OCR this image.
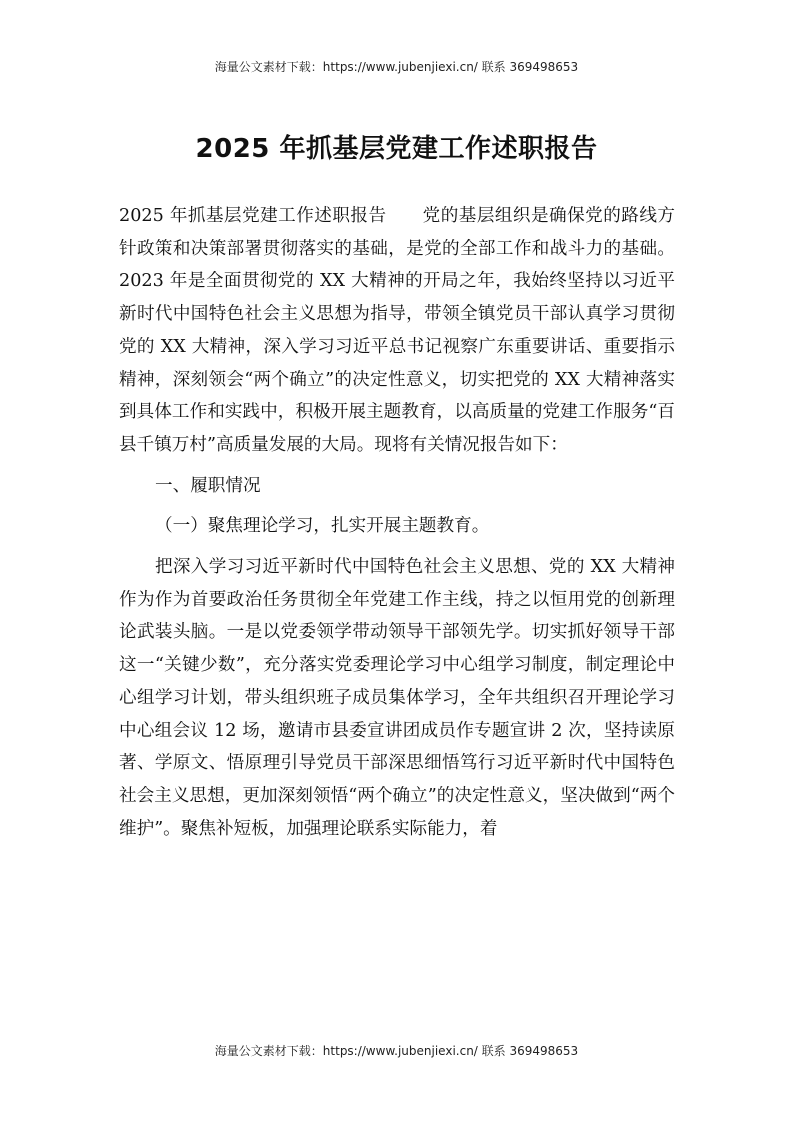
海量公文素材下载：https://www.jubenjiexi.cn/ 联系 369498653
2025 年抓基层党建工作述职报告

2025 年抓基层党建工作述职报告　　党的基层组织是确保党的路线方针政策和决策部署贯彻落实的基础，是党的全部工作和战斗力的基础。2023 年是全面贯彻党的 XX 大精神的开局之年，我始终坚持以习近平新时代中国特色社会主义思想为指导，带领全镇党员干部认真学习贯彻党的 XX 大精神，深入学习习近平总书记视察广东重要讲话、重要指示精神，深刻领会“两个确立”的决定性意义，切实把党的 XX 大精神落实到具体工作和实践中，积极开展主题教育，以高质量的党建工作服务“百县千镇万村”高质量发展的大局。现将有关情况报告如下：

一、履职情况

（一）聚焦理论学习，扎实开展主题教育。

把深入学习习近平新时代中国特色社会主义思想、党的 XX 大精神作为作为首要政治任务贯彻全年党建工作主线，持之以恒用党的创新理论武装头脑。一是以党委领学带动领导干部领先学。切实抓好领导干部这一“关键少数”，充分落实党委理论学习中心组学习制度，制定理论中心组学习计划，带头组织班子成员集体学习，全年共组织召开理论学习中心组会议 12 场，邀请市县委宣讲团成员作专题宣讲 2 次，坚持读原著、学原文、悟原理引导党员干部深思细悟笃行习近平新时代中国特色社会主义思想，更加深刻领悟“两个确立”的决定性意义，坚决做到“两个维护”。聚焦补短板，加强理论联系实际能力，着

海量公文素材下载：https://www.jubenjiexi.cn/ 联系 369498653
